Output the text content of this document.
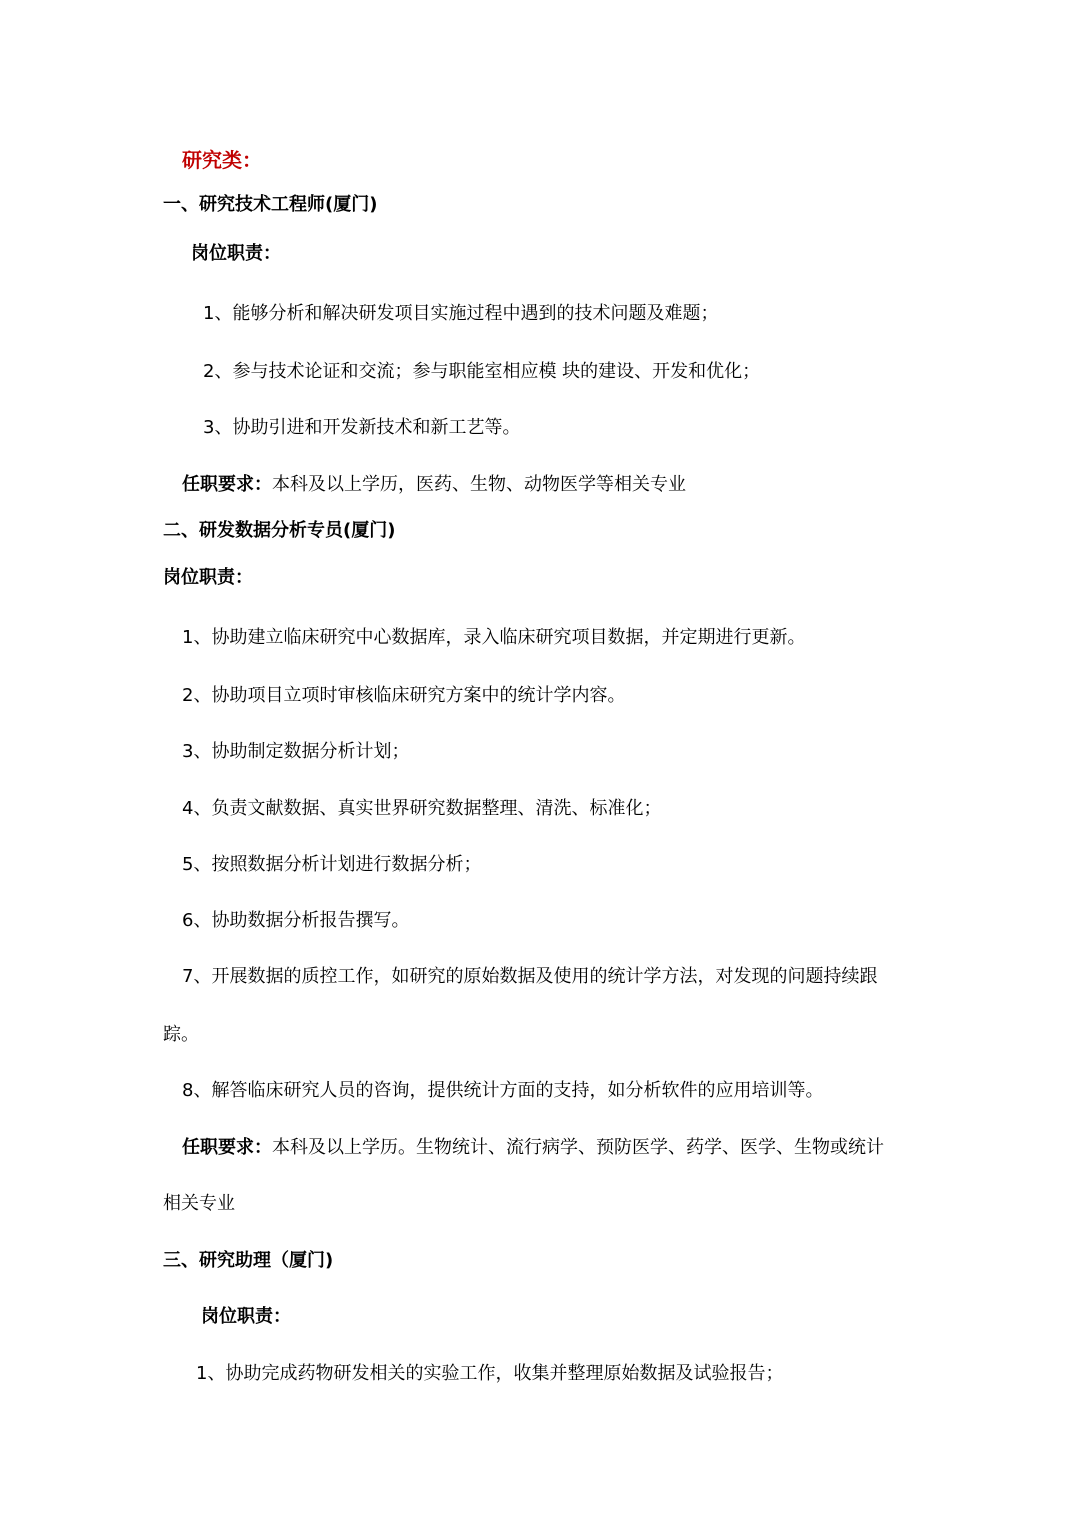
研究类：
一、研究技术工程师(厦门)
岗位职责：
1、能够分析和解决研发项目实施过程中遇到的技术问题及难题；
2、参与技术论证和交流；参与职能室相应模 块的建设、开发和优化；
3、协助引进和开发新技术和新工艺等。
任职要求：本科及以上学历，医药、生物、动物医学等相关专业
二、研发数据分析专员(厦门)
岗位职责：
1、协助建立临床研究中心数据库，录入临床研究项目数据，并定期进行更新。
2、协助项目立项时审核临床研究方案中的统计学内容。
3、协助制定数据分析计划；
4、负责文献数据、真实世界研究数据整理、清洗、标准化；
5、按照数据分析计划进行数据分析；
6、协助数据分析报告撰写。
7、开展数据的质控工作，如研究的原始数据及使用的统计学方法，对发现的问题持续跟
踪。
8、解答临床研究人员的咨询，提供统计方面的支持，如分析软件的应用培训等。
任职要求：本科及以上学历。生物统计、流行病学、预防医学、药学、医学、生物或统计
相关专业
三、研究助理（厦门)
岗位职责：
1、协助完成药物研发相关的实验工作，收集并整理原始数据及试验报告；
